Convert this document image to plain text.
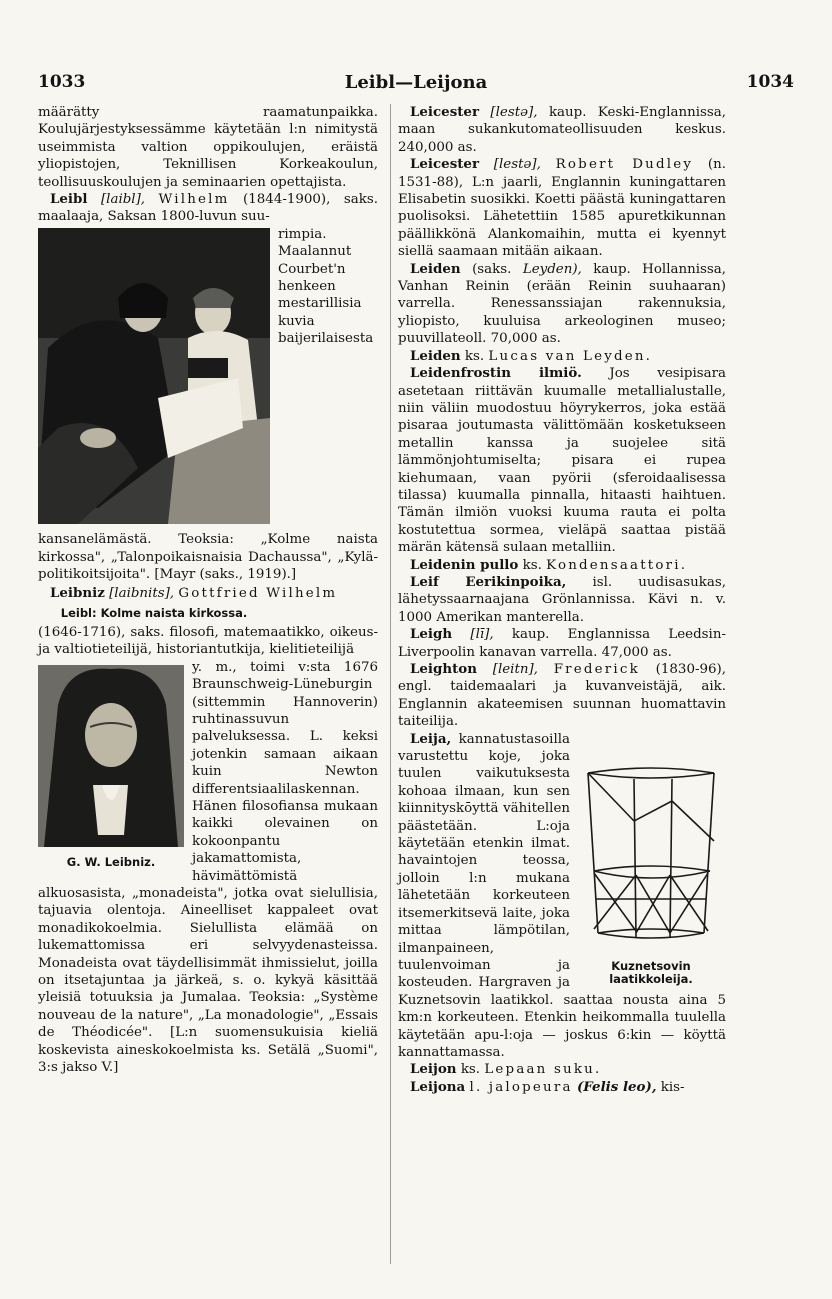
1033	Leibl—Leijona	1034

määrätty raamatunpaikka. Koulujärjestyksessämme käytetään l:n nimitystä useimmista valtion oppikoulujen, eräistä yliopistojen, Teknillisen Korkeakoulun, teollisuuskoulujen ja seminaarien opettajista.

Leibl [laibl], Wilhelm (1844-1900), saks. maalaaja, Saksan 1800-luvun suu-

rimpia. Maalannut Courbet'n henkeen mestarillisia kuvia baijerilaisesta kansanelämästä. Teoksia: „Kolme naista kirkossa", „Talonpoikaisnaisia Dachaussa", „Kylä-politikoitsijoita". [Mayr (saks., 1919).]

Leibniz [laibnits], Gottfried Wilhelm

Leibl: Kolme naista kirkossa.

(1646-1716), saks. filosofi, matemaatikko, oikeus- ja valtiotieteilijä, historiantutkija, kielitieteilijä

G. W. Leibniz.

y. m., toimi v:sta 1676 Braunschweig-Lüneburgin (sittemmin Hannoverin) ruhtinassuvun palveluksessa. L. keksi jotenkin samaan aikaan kuin Newton differentsiaalilaskennan. Hänen filosofiansa mukaan kaikki olevainen on kokoonpantu jakamattomista, hävimättömistä alkuosasista, „monadeista", jotka ovat sielullisia, tajuavia olentoja. Aineelliset kappaleet ovat monadikokoelmia. Sielullista elämää on lukemattomissa eri selvyydenasteissa. Monadeista ovat täydellisimmät ihmissielut, joilla on itsetajuntaa ja järkeä, s. o. kykyä käsittää yleisiä totuuksia ja Jumalaa. Teoksia: „Système nouveau de la nature", „La monadologie", „Essais de Théodicée". [L:n suomensukuisia kieliä koskevista aineskokoelmista ks. Setälä „Suomi", 3:s jakso V.]

Leicester [lestə], kaup. Keski-Englannissa, maan sukankutomateollisuuden keskus. 240,000 as.

Leicester [lestə], Robert Dudley (n. 1531-88), L:n jaarli, Englannin kuningattaren Elisabetin suosikki. Koetti päästä kuningattaren puolisoksi. Lähetettiin 1585 apuretkikunnan päällikkönä Alankomaihin, mutta ei kyennyt siellä saamaan mitään aikaan.

Leiden (saks. Leyden), kaup. Hollannissa, Vanhan Reinin (erään Reinin suuhaaran) varrella. Renessanssiajan rakennuksia, yliopisto, kuuluisa arkeologinen museo; puuvillateoll. 70,000 as.

Leiden ks. Lucas van Leyden.

Leidenfrostin ilmiö. Jos vesipisara asetetaan riittävän kuumalle metallialustalle, niin väliin muodostuu höyrykerros, joka estää pisaraa joutumasta välittömään kosketukseen metallin kanssa ja suojelee sitä lämmönjohtumiselta; pisara ei rupea kiehumaan, vaan pyörii (sferoidaalisessa tilassa) kuumalla pinnalla, hitaasti haihtuen. Tämän ilmiön vuoksi kuuma rauta ei polta kostutettua sormea, vieläpä saattaa pistää märän kätensä sulaan metalliin.

Leidenin pullo ks. Kondensaattori.

Leif Eerikinpoika, isl. uudisasukas, lähetyssaarnaajana Grönlannissa. Kävi n. v. 1000 Amerikan manterella.

Leigh [lī], kaup. Englannissa Leedsin-Liverpoolin kanavan varrella. 47,000 as.

Leighton [leitn], Frederick (1830-96), engl. taidemaalari ja kuvanveistäjä, aik. Englannin akateemisen suunnan huomattavin taiteilija.

Kuznetsovin laatikkoleija.

Leija, kannatustasoilla varustettu koje, joka tuulen vaikutuksesta kohoaa ilmaan, kun sen kiinnityskōyttä vähitellen päästetään. L:oja käytetään etenkin ilmat. havaintojen teossa, jolloin l:n mukana lähetetään korkeuteen itsemerkitsevä laite, joka mittaa lämpötilan, ilmanpaineen, tuulenvoiman ja kosteuden. Hargraven ja Kuznetsovin laatikkol. saattaa nousta aina 5 km:n korkeuteen. Etenkin heikommalla tuulella käytetään apu-l:oja — joskus 6:kin — köyttä kannattamassa.

Leijon ks. Lepaan suku.

Leijona l. jalopeura (Felis leo), kis-
